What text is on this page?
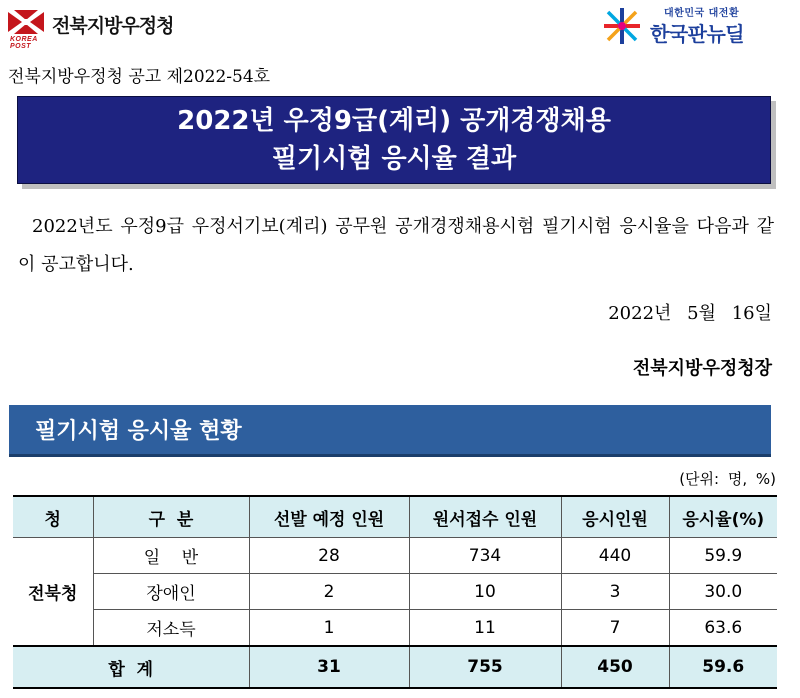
KOREA POST
전북지방우정청
대한민국 대전환
한국판뉴딜
전북지방우정청 공고 제2022-54호
2022년 우정9급(계리) 공개경쟁채용
필기시험 응시율 결과
2022년도 우정9급 우정서기보(계리) 공무원 공개경쟁채용시험 필기시험 응시율을 다음과 같이 공고합니다.
2022년 5월 16일
전북지방우정청장
필기시험 응시율 현황
(단위: 명, %)
청	구  분	선발 예정 인원	원서접수 인원	응시인원	응시율(%)
전북청	일    반	28	734	440	59.9
	장애인	2	10	3	30.0
	저소득	1	11	7	63.6
합  계		31	755	450	59.6
